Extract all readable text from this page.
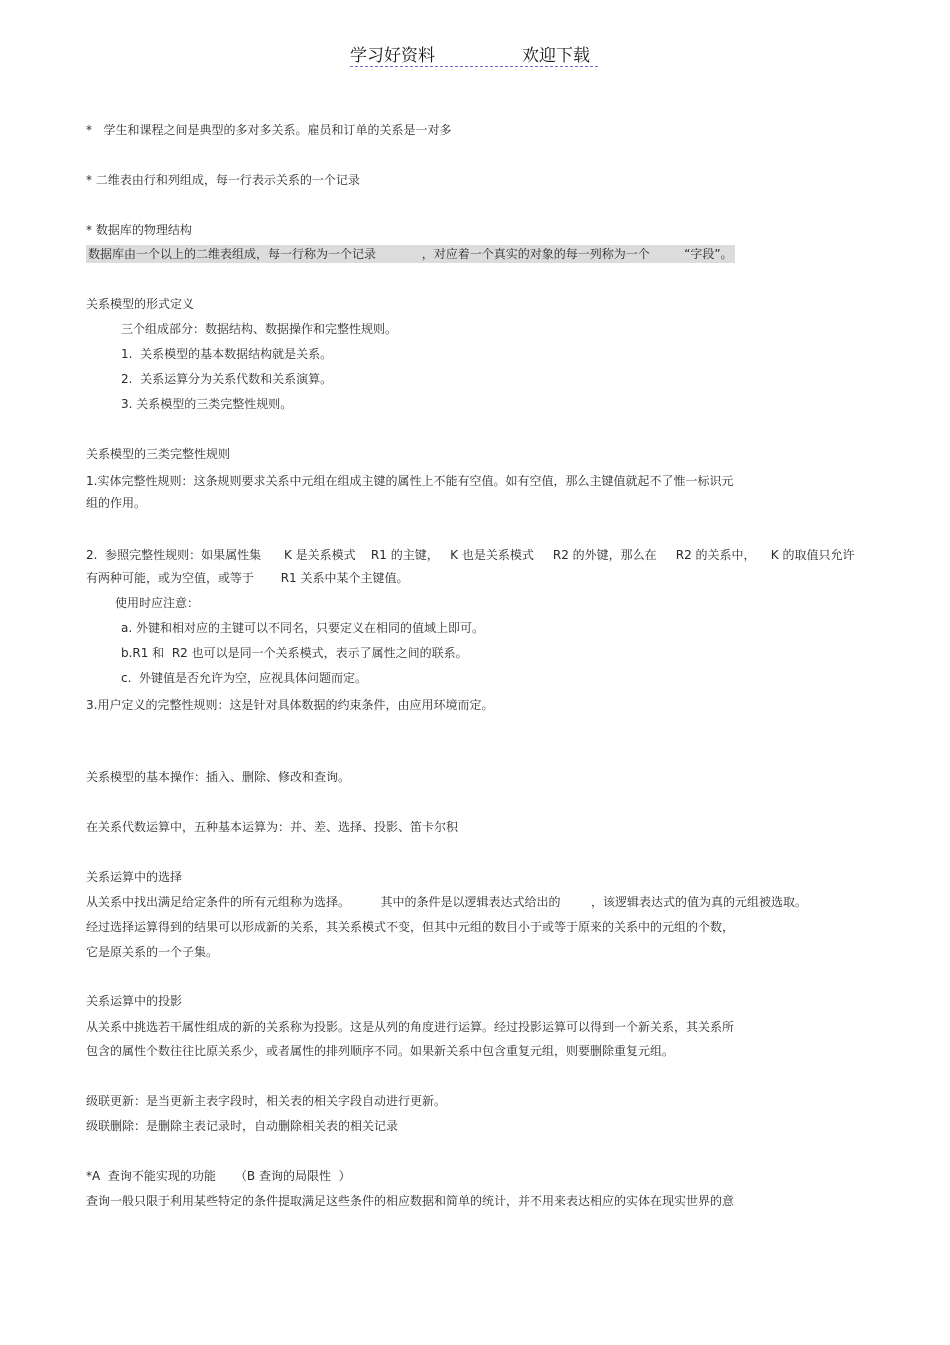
学习好资料	欢迎下载
*   学生和课程之间是典型的多对多关系。雇员和订单的关系是一对多
* 二维表由行和列组成，每一行表示关系的一个记录
* 数据库的物理结构
数据库由一个以上的二维表组成，每一行称为一个记录            ，对应着一个真实的对象的每一列称为一个         “字段”。
关系模型的形式定义
三个组成部分：数据结构、数据操作和完整性规则。
1.  关系模型的基本数据结构就是关系。
2.  关系运算分为关系代数和关系演算。
3. 关系模型的三类完整性规则。
关系模型的三类完整性规则
1.实体完整性规则：这条规则要求关系中元组在组成主键的属性上不能有空值。如有空值，那么主键值就起不了惟一标识元
组的作用。
2.  参照完整性规则：如果属性集      K 是关系模式    R1 的主键，   K 也是关系模式     R2 的外键，那么在     R2 的关系中，    K 的取值只允许
有两种可能，或为空值，或等于       R1 关系中某个主键值。
使用时应注意：
a. 外键和相对应的主键可以不同名，只要定义在相同的值域上即可。
b.R1 和  R2 也可以是同一个关系模式，表示了属性之间的联系。
c.  外键值是否允许为空，应视具体问题而定。
3.用户定义的完整性规则：这是针对具体数据的约束条件，由应用环境而定。
关系模型的基本操作：插入、删除、修改和查询。
在关系代数运算中，五种基本运算为：并、差、选择、投影、笛卡尔积
关系运算中的选择
从关系中找出满足给定条件的所有元组称为选择。        其中的条件是以逻辑表达式给出的        ，该逻辑表达式的值为真的元组被选取。
经过选择运算得到的结果可以形成新的关系，其关系模式不变，但其中元组的数目小于或等于原来的关系中的元组的个数，
它是原关系的一个子集。
关系运算中的投影
从关系中挑选若干属性组成的新的关系称为投影。这是从列的角度进行运算。经过投影运算可以得到一个新关系，其关系所
包含的属性个数往往比原关系少，或者属性的排列顺序不同。如果新关系中包含重复元组，则要删除重复元组。
级联更新：是当更新主表字段时，相关表的相关字段自动进行更新。
级联删除：是删除主表记录时，自动删除相关表的相关记录
*A  查询不能实现的功能     （B 查询的局限性  ）
查询一般只限于利用某些特定的条件提取满足这些条件的相应数据和简单的统计，并不用来表达相应的实体在现实世界的意
